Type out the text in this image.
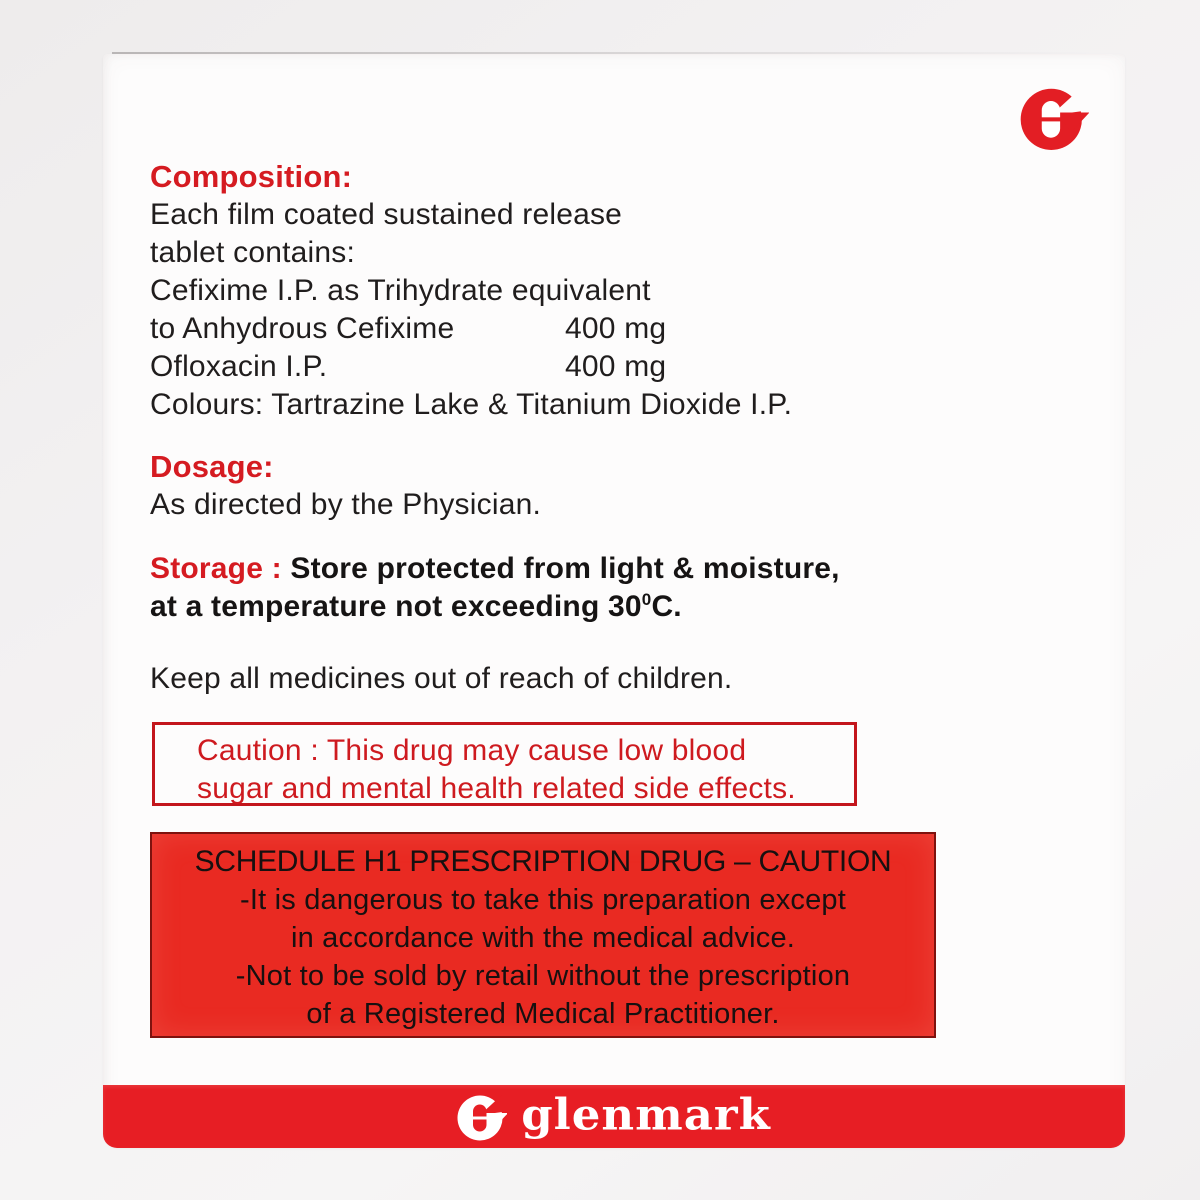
Composition:
Each film coated sustained release
tablet contains:
Cefixime I.P. as Trihydrate equivalent
to Anhydrous Cefixime	400 mg
Ofloxacin I.P.	400 mg
Colours: Tartrazine Lake & Titanium Dioxide I.P.
Dosage:
As directed by the Physician.
Storage : Store protected from light & moisture,
at a temperature not exceeding $30^0C$.
Keep all medicines out of reach of children.
Caution : This drug may cause low blood
sugar and mental health related side effects.
SCHEDULE H1 PRESCRIPTION DRUG – CAUTION
-It is dangerous to take this preparation except
in accordance with the medical advice.
-Not to be sold by retail without the prescription
of a Registered Medical Practitioner.
glenmark
